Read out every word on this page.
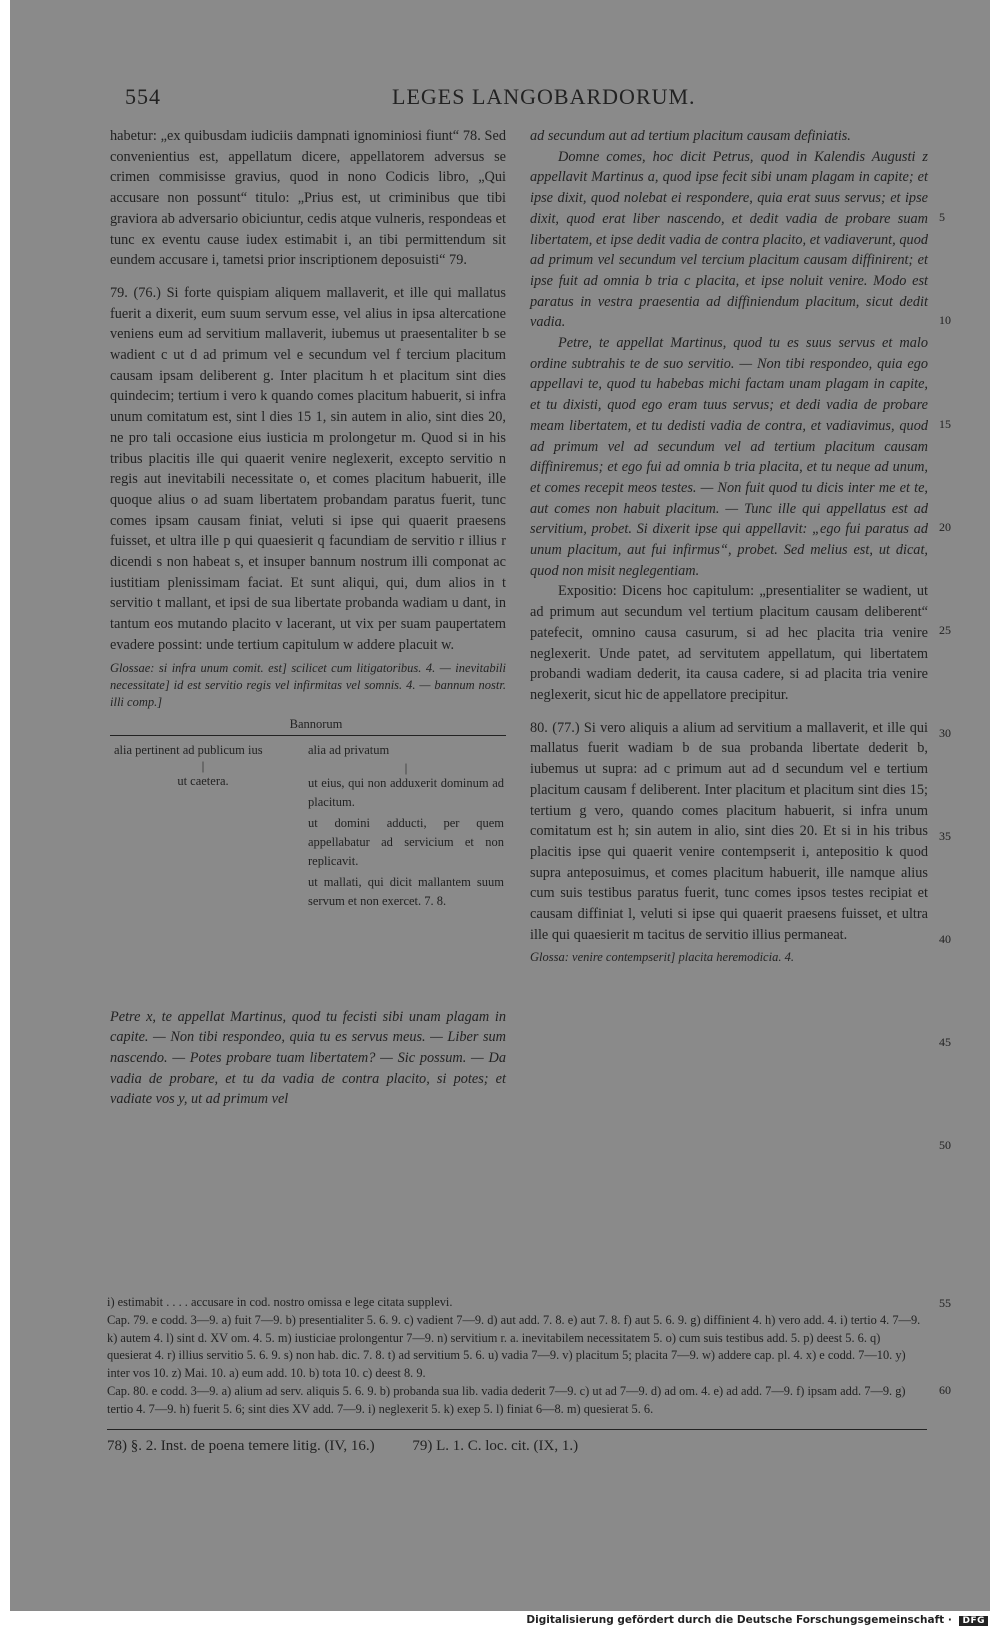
554	LEGES LANGOBARDORUM.

habetur: „ex quibusdam iudiciis dampnati ignominiosi fiunt“ 78. Sed convenientius est, appellatum dicere, appellatorem adversus se crimen commisisse gravius, quod in nono Codicis libro, „Qui accusare non possunt“ titulo: „Prius est, ut criminibus que tibi graviora ab adversario obiciuntur, cedis atque vulneris, respondeas et tunc ex eventu cause iudex estimabit i, an tibi permittendum sit eundem accusare i, tametsi prior inscriptionem deposuisti“ 79.

79. (76.) Si forte quispiam aliquem mallaverit, et ille qui mallatus fuerit a dixerit, eum suum servum esse, vel alius in ipsa altercatione veniens eum ad servitium mallaverit, iubemus ut praesentaliter b se wadient c ut d ad primum vel e secundum vel f tercium placitum causam ipsam deliberent g. Inter placitum h et placitum sint dies quindecim; tertium i vero k quando comes placitum habuerit, si infra unum comitatum est, sint l dies 15 1, sin autem in alio, sint dies 20, ne pro tali occasione eius iusticia m prolongetur m. Quod si in his tribus placitis ille qui quaerit venire neglexerit, excepto servitio n regis aut inevitabili necessitate o, et comes placitum habuerit, ille quoque alius o ad suam libertatem probandam paratus fuerit, tunc comes ipsam causam finiat, veluti si ipse qui quaerit praesens fuisset, et ultra ille p qui quaesierit q facundiam de servitio r illius r dicendi s non habeat s, et insuper bannum nostrum illi componat ac iustitiam plenissimam faciat. Et sunt aliqui, qui, dum alios in t servitio t mallant, et ipsi de sua libertate probanda wadiam u dant, in tantum eos mutando placito v lacerant, ut vix per suam paupertatem evadere possint: unde tertium capitulum w addere placuit w.

Glossae: si infra unum comit. est] scilicet cum litigatoribus. 4. — inevitabili necessitate] id est servitio regis vel infirmitas vel somnis. 4. — bannum nostr. illi comp.]
Bannorum
alia pertinent ad publicum ius
|
ut caetera.
alia ad privatum
|
ut eius, qui non adduxerit dominum ad placitum.
ut domini adducti, per quem appellabatur ad servicium et non replicavit.
ut mallati, qui dicit mallantem suum servum et non exercet. 7. 8.

Petre x, te appellat Martinus, quod tu fecisti sibi unam plagam in capite. — Non tibi respondeo, quia tu es servus meus. — Liber sum nascendo. — Potes probare tuam libertatem? — Sic possum. — Da vadia de probare, et tu da vadia de contra placito, si potes; et vadiate vos y, ut ad primum vel

ad secundum aut ad tertium placitum causam definiatis.

Domne comes, hoc dicit Petrus, quod in Kalendis Augusti z appellavit Martinus a, quod ipse fecit sibi unam plagam in capite; et ipse dixit, quod nolebat ei respondere, quia erat suus servus; et ipse dixit, quod erat liber nascendo, et dedit vadia de probare suam libertatem, et ipse dedit vadia de contra placito, et vadiaverunt, quod ad primum vel secundum vel tercium placitum causam diffinirent; et ipse fuit ad omnia b tria c placita, et ipse noluit venire. Modo est paratus in vestra praesentia ad diffiniendum placitum, sicut dedit vadia.

Petre, te appellat Martinus, quod tu es suus servus et malo ordine subtrahis te de suo servitio. — Non tibi respondeo, quia ego appellavi te, quod tu habebas michi factam unam plagam in capite, et tu dixisti, quod ego eram tuus servus; et dedi vadia de probare meam libertatem, et tu dedisti vadia de contra, et vadiavimus, quod ad primum vel ad secundum vel ad tertium placitum causam diffiniremus; et ego fui ad omnia b tria placita, et tu neque ad unum, et comes recepit meos testes. — Non fuit quod tu dicis inter me et te, aut comes non habuit placitum. — Tunc ille qui appellatus est ad servitium, probet. Si dixerit ipse qui appellavit: „ego fui paratus ad unum placitum, aut fui infirmus“, probet. Sed melius est, ut dicat, quod non misit neglegentiam.

Expositio: Dicens hoc capitulum: „presentialiter se wadient, ut ad primum aut secundum vel tertium placitum causam deliberent“ patefecit, omnino causa casurum, si ad hec placita tria venire neglexerit. Unde patet, ad servitutem appellatum, qui libertatem probandi wadiam dederit, ita causa cadere, si ad placita tria venire neglexerit, sicut hic de appellatore precipitur.

80. (77.) Si vero aliquis a alium ad servitium a mallaverit, et ille qui mallatus fuerit wadiam b de sua probanda libertate dederit b, iubemus ut supra: ad c primum aut ad d secundum vel e tertium placitum causam f deliberent. Inter placitum et placitum sint dies 15; tertium g vero, quando comes placitum habuerit, si infra unum comitatum est h; sin autem in alio, sint dies 20. Et si in his tribus placitis ipse qui quaerit venire contempserit i, antepositio k quod supra anteposuimus, et comes placitum habuerit, ille namque alius cum suis testibus paratus fuerit, tunc comes ipsos testes recipiat et causam diffiniat l, veluti si ipse qui quaerit praesens fuisset, et ultra ille qui quaesierit m tacitus de servitio illius permaneat.

Glossa: venire contempserit] placita heremodicia. 4.
5
10
15
20
25
30
35
40
45
50
55
60

i) estimabit . . . . accusare in cod. nostro omissa e lege citata supplevi.

Cap. 79. e codd. 3—9. a) fuit 7—9. b) presentialiter 5. 6. 9. c) vadient 7—9. d) aut add. 7. 8. e) aut 7. 8. f) aut 5. 6. 9. g) diffinient 4. h) vero add. 4. i) tertio 4. 7—9. k) autem 4. l) sint d. XV om. 4. 5. m) iusticiae prolongentur 7—9. n) servitium r. a. inevitabilem necessitatem 5. o) cum suis testibus add. 5. p) deest 5. 6. q) quesierat 4. r) illius servitio 5. 6. 9. s) non hab. dic. 7. 8. t) ad servitium 5. 6. u) vadia 7—9. v) placitum 5; placita 7—9. w) addere cap. pl. 4. x) e codd. 7—10. y) inter vos 10. z) Mai. 10. a) eum add. 10. b) tota 10. c) deest 8. 9.

Cap. 80. e codd. 3—9. a) alium ad serv. aliquis 5. 6. 9. b) probanda sua lib. vadia dederit 7—9. c) ut ad 7—9. d) ad om. 4. e) ad add. 7—9. f) ipsam add. 7—9. g) tertio 4. 7—9. h) fuerit 5. 6; sint dies XV add. 7—9. i) neglexerit 5. k) exep 5. l) finiat 6—8. m) quesierat 5. 6.

78) §. 2. Inst. de poena temere litig. (IV, 16.)	79) L. 1. C. loc. cit. (IX, 1.)
Digitalisierung gefördert durch die Deutsche Forschungsgemeinschaft · DFG
